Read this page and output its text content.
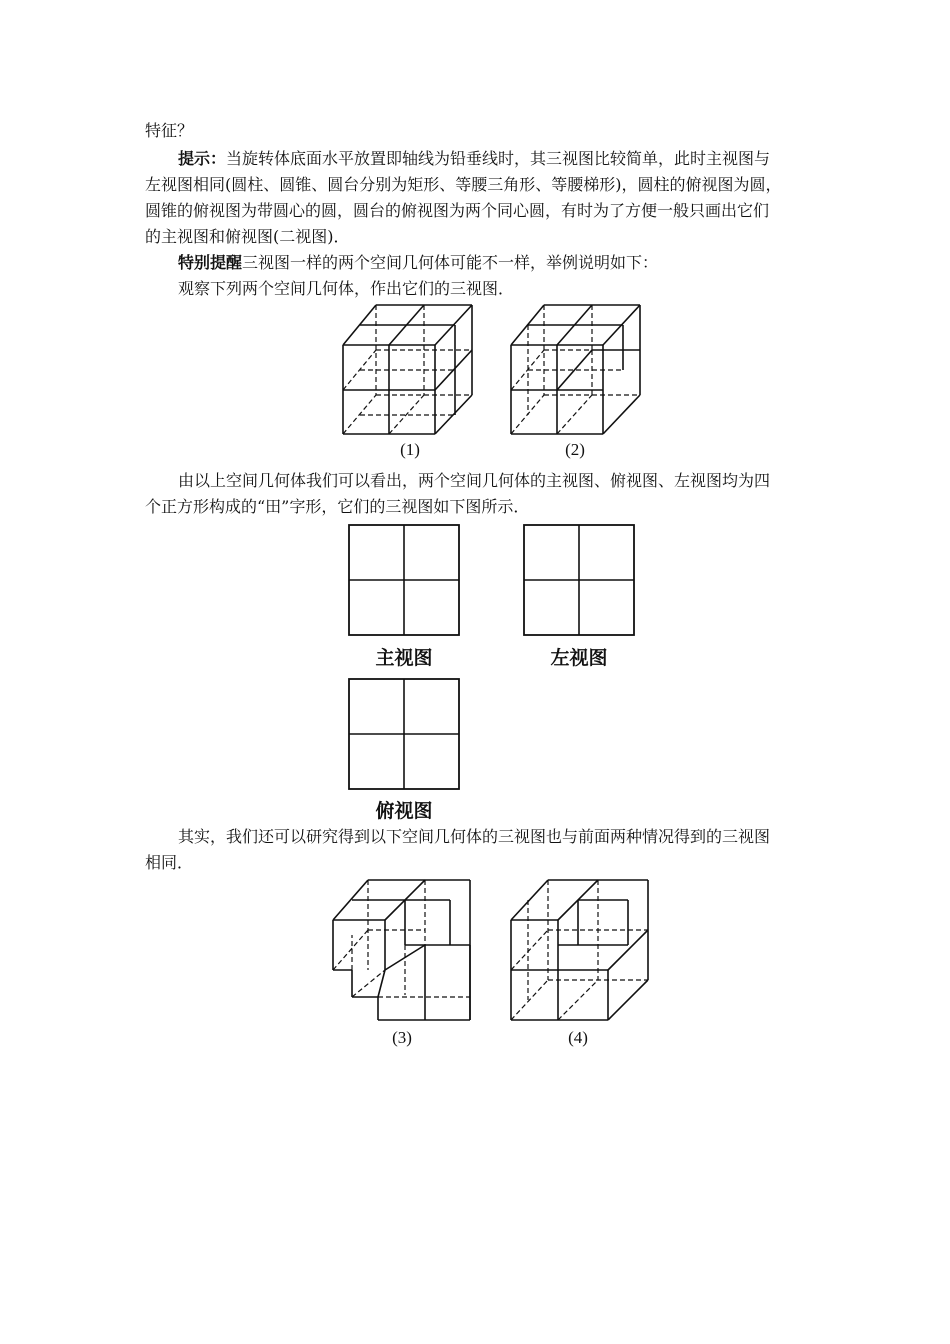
特征？
提示：当旋转体底面水平放置即轴线为铅垂线时，其三视图比较简单，此时主视图与
左视图相同(圆柱、圆锥、圆台分别为矩形、等腰三角形、等腰梯形)，圆柱的俯视图为圆，
圆锥的俯视图为带圆心的圆，圆台的俯视图为两个同心圆，有时为了方便一般只画出它们
的主视图和俯视图(二视图)．
特别提醒三视图一样的两个空间几何体可能不一样，举例说明如下：
观察下列两个空间几何体，作出它们的三视图．
(1)	(2)
由以上空间几何体我们可以看出，两个空间几何体的主视图、俯视图、左视图均为四
个正方形构成的“田”字形，它们的三视图如下图所示．
主视图	左视图
俯视图
其实，我们还可以研究得到以下空间几何体的三视图也与前面两种情况得到的三视图
相同．
(3)	(4)
